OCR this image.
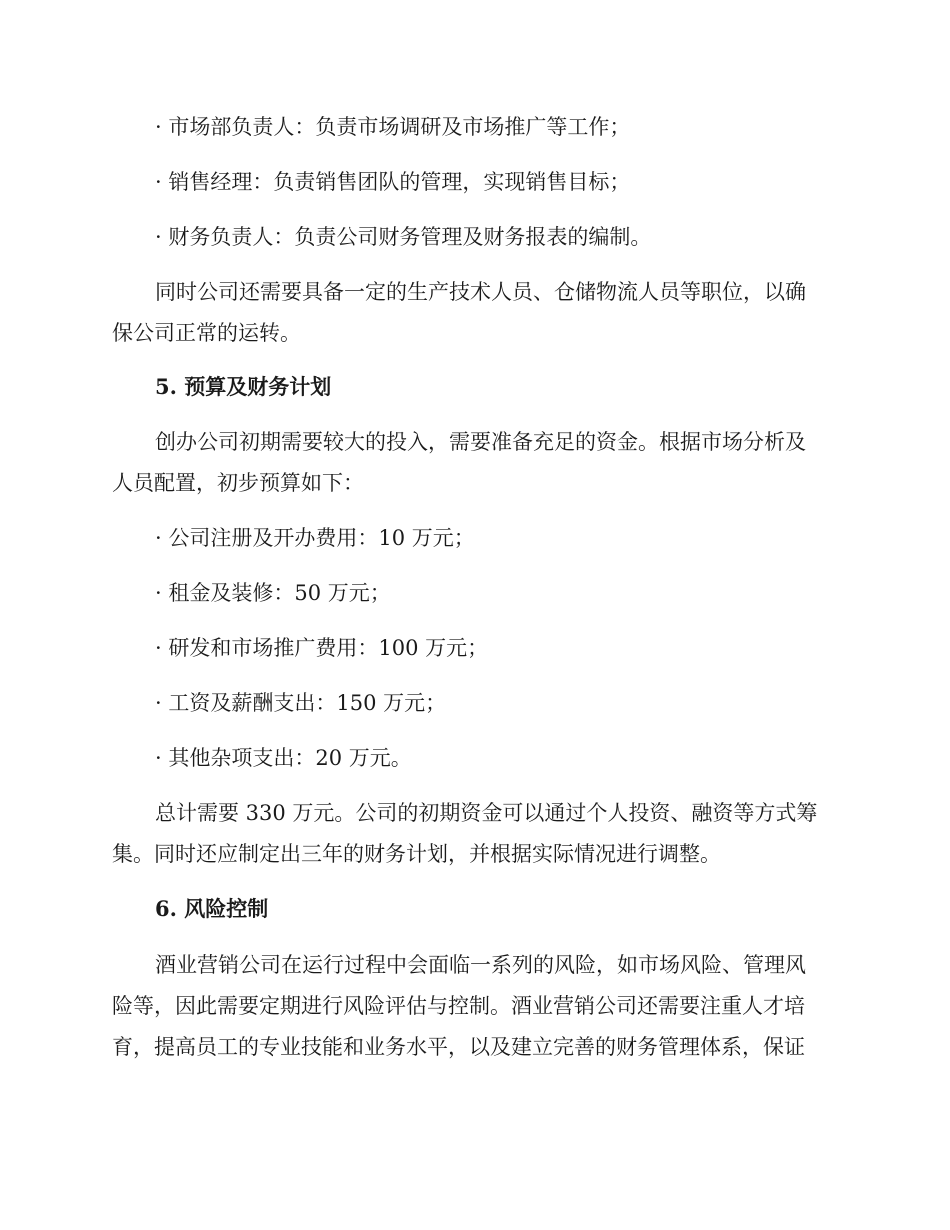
· 市场部负责人：负责市场调研及市场推广等工作；

· 销售经理：负责销售团队的管理，实现销售目标；

· 财务负责人：负责公司财务管理及财务报表的编制。

同时公司还需要具备一定的生产技术人员、仓储物流人员等职位，以确

保公司正常的运转。

5. 预算及财务计划

创办公司初期需要较大的投入，需要准备充足的资金。根据市场分析及

人员配置，初步预算如下：

· 公司注册及开办费用：10 万元；

· 租金及装修：50 万元；

· 研发和市场推广费用：100 万元；

· 工资及薪酬支出：150 万元；

· 其他杂项支出：20 万元。

总计需要 330 万元。公司的初期资金可以通过个人投资、融资等方式筹

集。同时还应制定出三年的财务计划，并根据实际情况进行调整。

6. 风险控制

酒业营销公司在运行过程中会面临一系列的风险，如市场风险、管理风

险等，因此需要定期进行风险评估与控制。酒业营销公司还需要注重人才培

育，提高员工的专业技能和业务水平，以及建立完善的财务管理体系，保证
